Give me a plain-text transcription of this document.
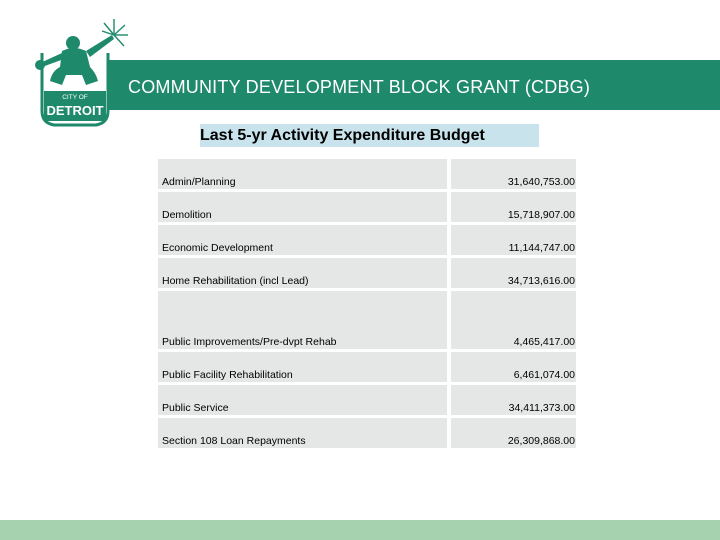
COMMUNITY DEVELOPMENT BLOCK GRANT (CDBG)
CITY OF
DETROIT
Last 5-yr Activity Expenditure Budget
Admin/Planning		31,640,753.00
Demolition		15,718,907.00
Economic Development		11,144,747.00
Home Rehabilitation (incl Lead)		34,713,616.00
Public Improvements/Pre-dvpt Rehab		4,465,417.00
Public Facility Rehabilitation		6,461,074.00
Public Service		34,411,373.00
Section 108 Loan Repayments		26,309,868.00
